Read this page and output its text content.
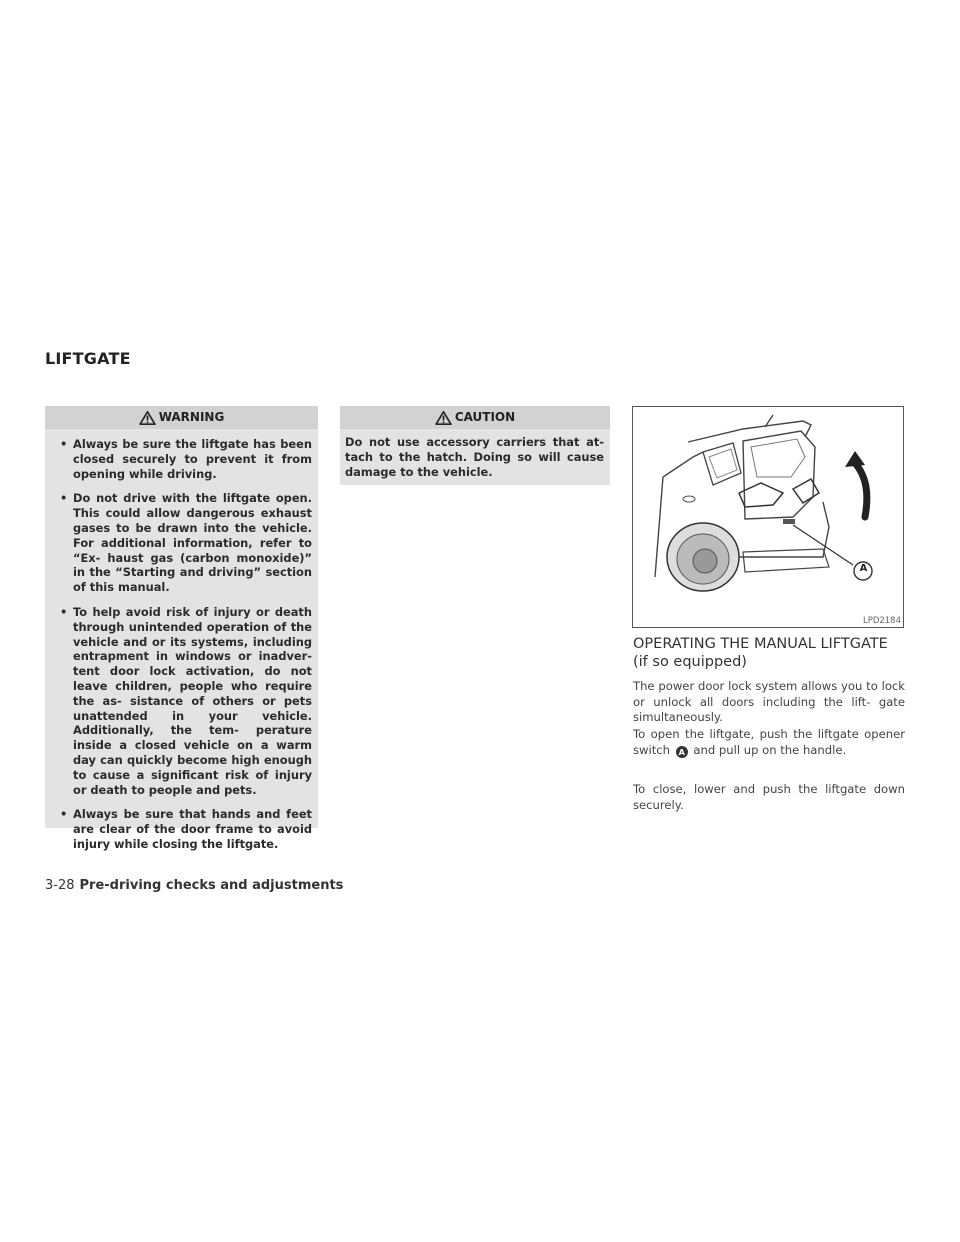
LIFTGATE
WARNING
• Always be sure the liftgate has been closed securely to prevent it from opening while driving.
• Do not drive with the liftgate open. This could allow dangerous exhaust gases to be drawn into the vehicle. For additional information, refer to “Ex- haust gas (carbon monoxide)” in the “Starting and driving” section of this manual.
• To help avoid risk of injury or death through unintended operation of the vehicle and or its systems, including entrapment in windows or inadver- tent door lock activation, do not leave children, people who require the as- sistance of others or pets unattended in your vehicle. Additionally, the tem- perature inside a closed vehicle on a warm day can quickly become high enough to cause a significant risk of injury or death to people and pets.
• Always be sure that hands and feet are clear of the door frame to avoid injury while closing the liftgate.
CAUTION
Do not use accessory carriers that at- tach to the hatch. Doing so will cause damage to the vehicle.
A
LPD2184
OPERATING THE MANUAL LIFTGATE (if so equipped)

The power door lock system allows you to lock or unlock all doors including the lift- gate simultaneously.

To open the liftgate, push the liftgate opener switch A and pull up on the handle.

To close, lower and push the liftgate down securely.

3-28 Pre-driving checks and adjustments
